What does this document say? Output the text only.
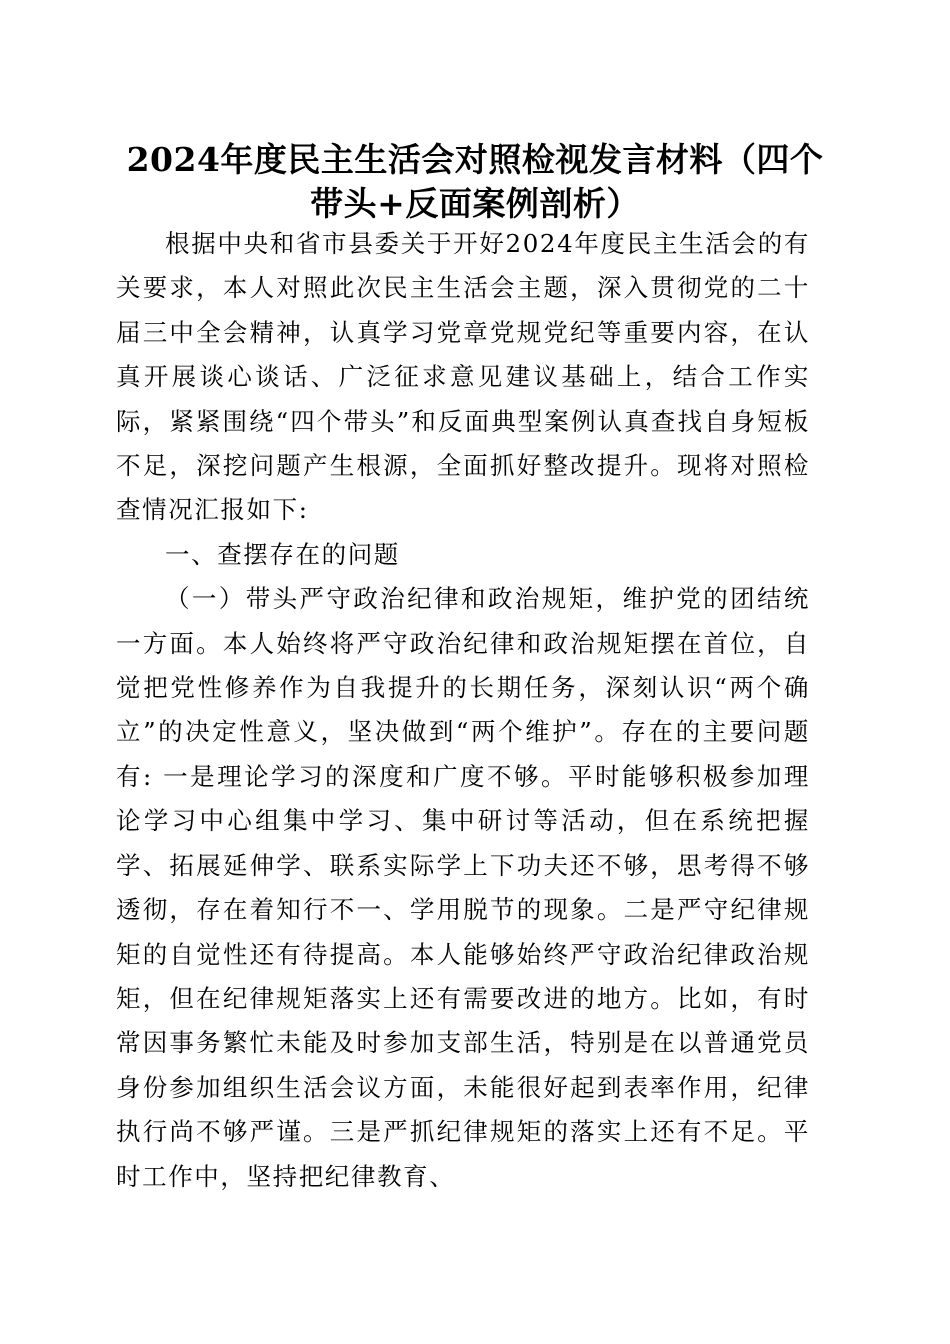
2024年度民主生活会对照检视发言材料（四个带头+反面案例剖析）

根据中央和省市县委关于开好2024年度民主生活会的有关要求，本人对照此次民主生活会主题，深入贯彻党的二十届三中全会精神，认真学习党章党规党纪等重要内容，在认真开展谈心谈话、广泛征求意见建议基础上，结合工作实际，紧紧围绕“四个带头”和反面典型案例认真查找自身短板不足，深挖问题产生根源，全面抓好整改提升。现将对照检查情况汇报如下:

一、查摆存在的问题

（一）带头严守政治纪律和政治规矩，维护党的团结统一方面。本人始终将严守政治纪律和政治规矩摆在首位，自觉把党性修养作为自我提升的长期任务，深刻认识“两个确立”的决定性意义，坚决做到“两个维护”。存在的主要问题有: 一是理论学习的深度和广度不够。平时能够积极参加理论学习中心组集中学习、集中研讨等活动，但在系统把握学、拓展延伸学、联系实际学上下功夫还不够，思考得不够透彻，存在着知行不一、学用脱节的现象。二是严守纪律规矩的自觉性还有待提高。本人能够始终严守政治纪律政治规矩，但在纪律规矩落实上还有需要改进的地方。比如，有时常因事务繁忙未能及时参加支部生活，特别是在以普通党员身份参加组织生活会议方面，未能很好起到表率作用，纪律执行尚不够严谨。三是严抓纪律规矩的落实上还有不足。平时工作中，坚持把纪律教育、
